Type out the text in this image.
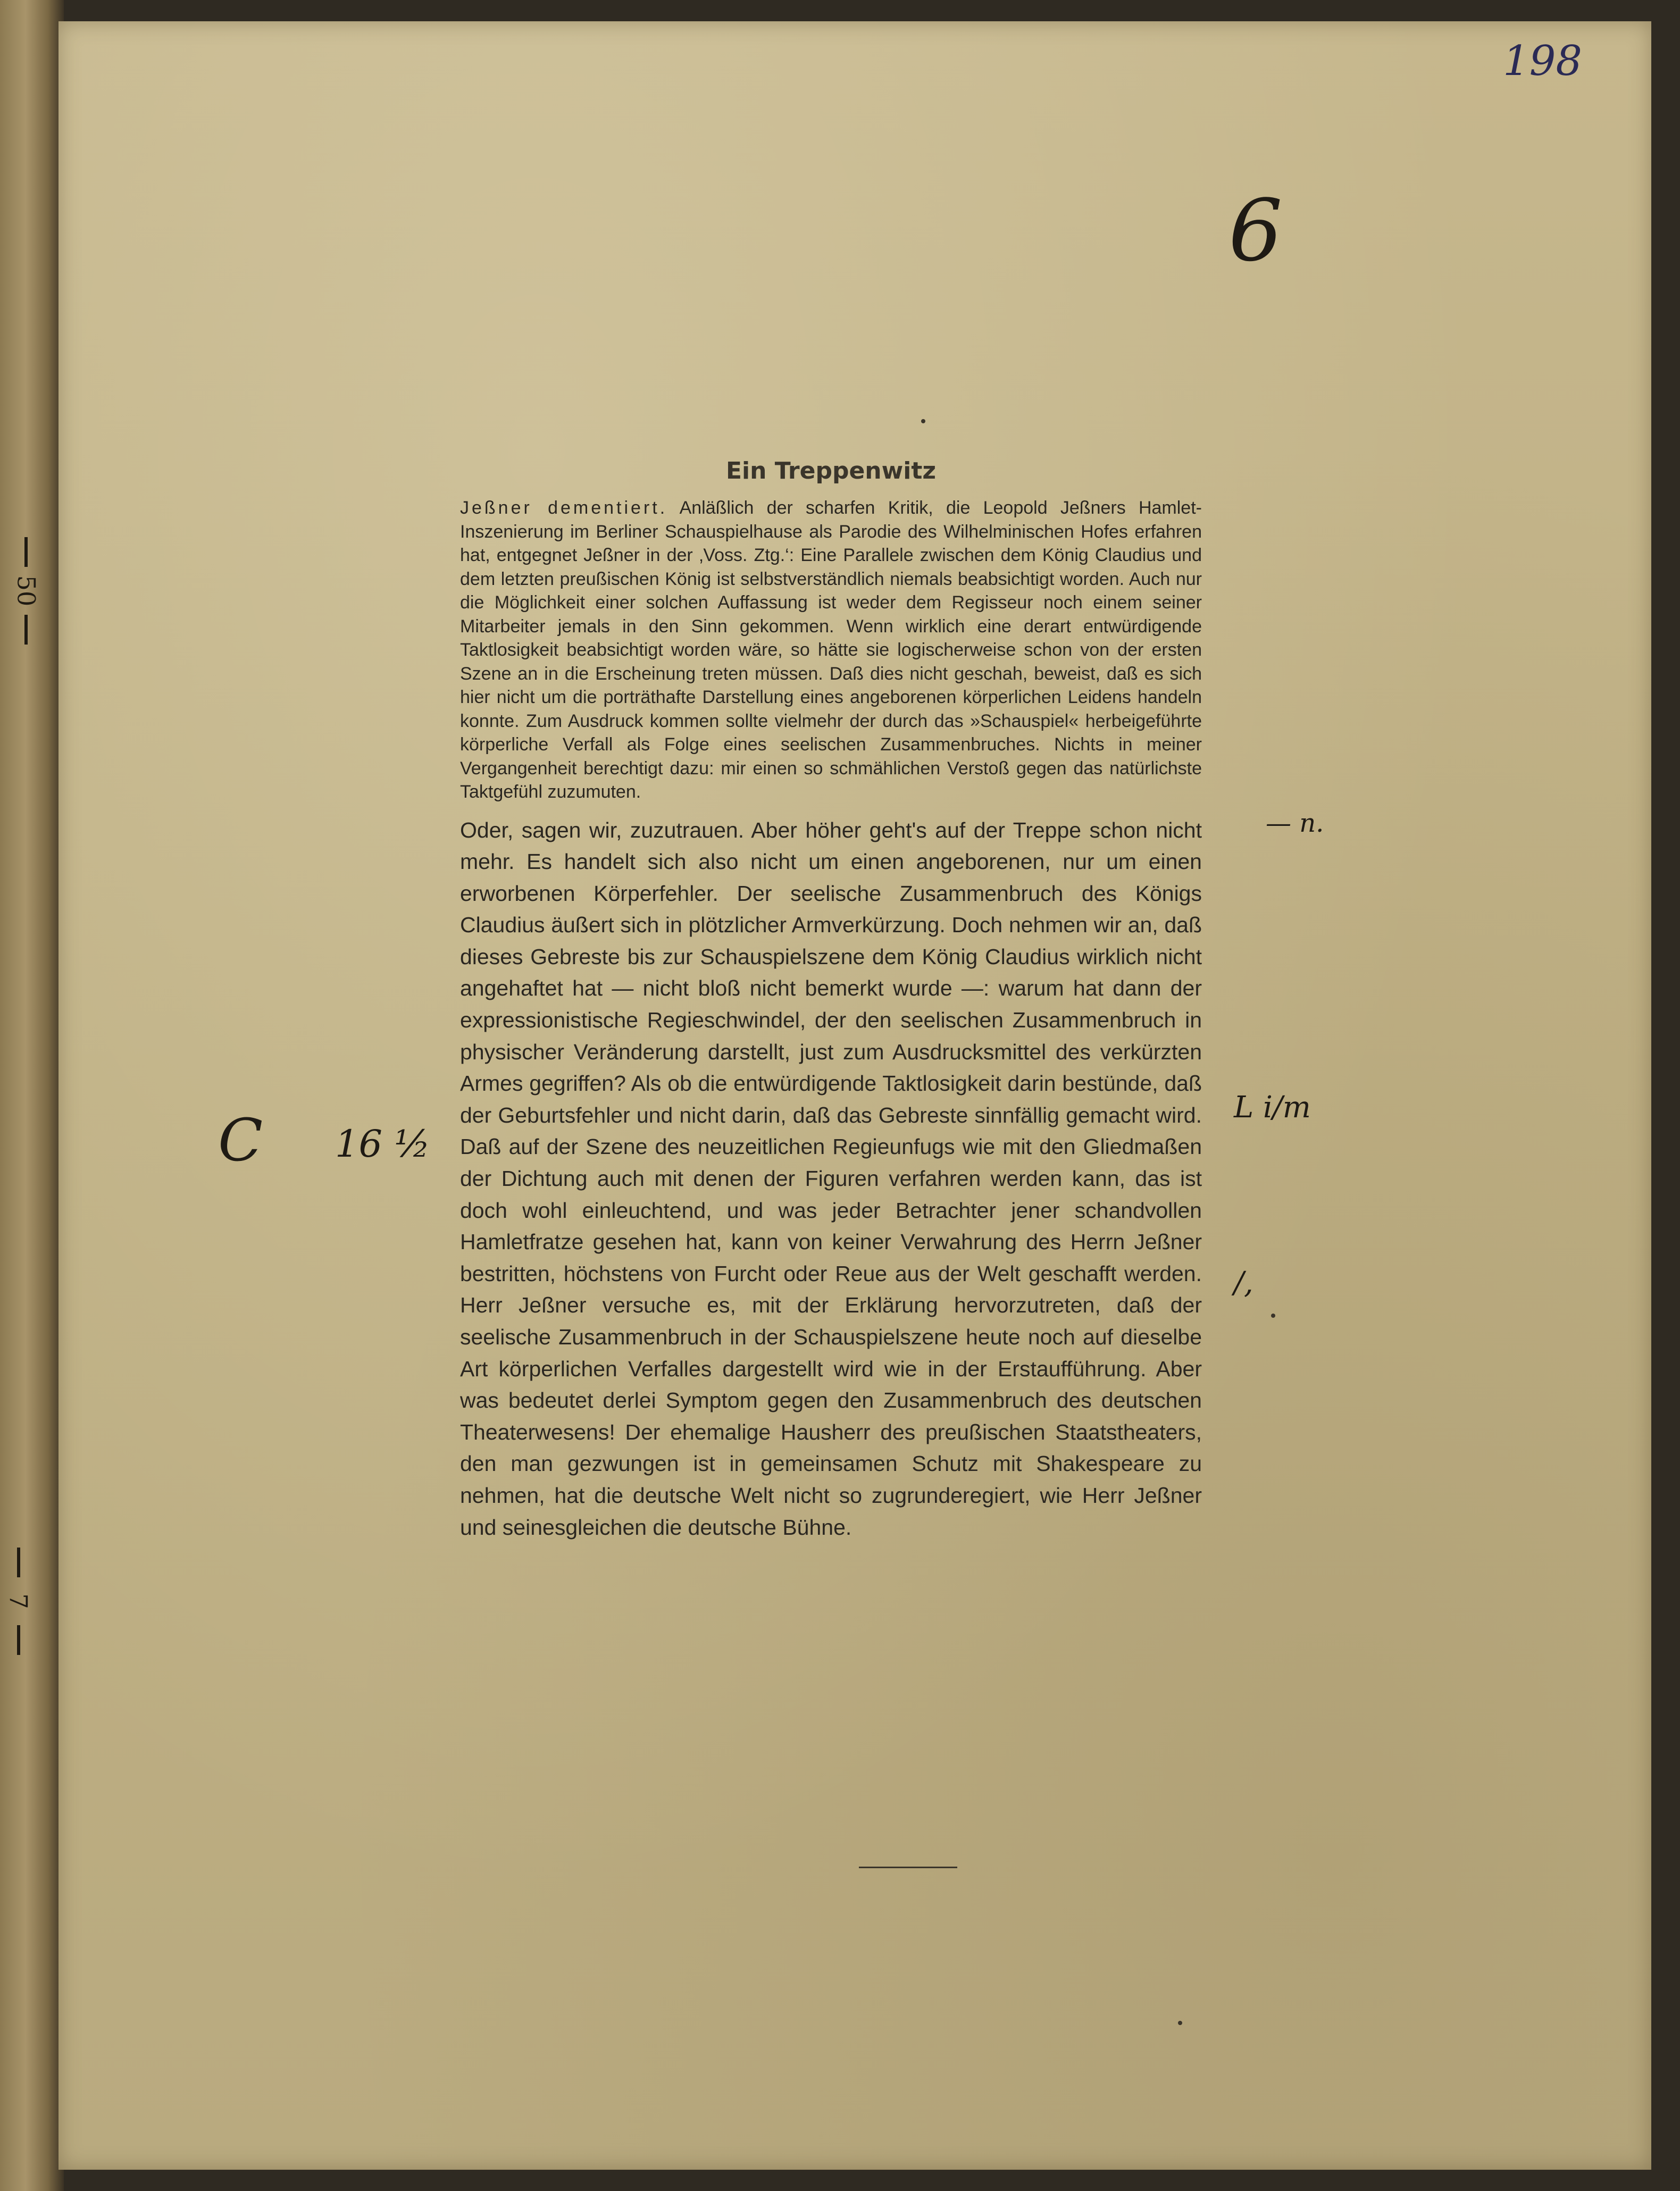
198
6
C 16 ½
— n.
L i/m
/,
50
7
Ein Treppenwitz

Jeßner dementiert. Anläßlich der scharfen Kritik, die Leopold Jeßners Hamlet-Inszenierung im Berliner Schauspielhause als Parodie des Wilhelminischen Hofes erfahren hat, entgegnet Jeßner in der ‚Voss. Ztg.‘: Eine Parallele zwischen dem König Claudius und dem letzten preußischen König ist selbstverständlich niemals beabsichtigt worden. Auch nur die Möglichkeit einer solchen Auffassung ist weder dem Regisseur noch einem seiner Mitarbeiter jemals in den Sinn gekommen. Wenn wirklich eine derart entwürdigende Taktlosigkeit beabsichtigt worden wäre, so hätte sie logischerweise schon von der ersten Szene an in die Erscheinung treten müssen. Daß dies nicht geschah, beweist, daß es sich hier nicht um die porträthafte Darstellung eines angeborenen körperlichen Leidens handeln konnte. Zum Ausdruck kommen sollte vielmehr der durch das »Schauspiel« herbeigeführte körperliche Verfall als Folge eines seelischen Zusammenbruches. Nichts in meiner Vergangenheit berechtigt dazu: mir einen so schmählichen Verstoß gegen das natürlichste Taktgefühl zuzumuten.

Oder, sagen wir, zuzutrauen. Aber höher geht's auf der Treppe schon nicht mehr. Es handelt sich also nicht um einen angeborenen, nur um einen erworbenen Körperfehler. Der seelische Zusammenbruch des Königs Claudius äußert sich in plötzlicher Armverkürzung. Doch nehmen wir an, daß dieses Gebreste bis zur Schauspielszene dem König Claudius wirklich nicht angehaftet hat — nicht bloß nicht bemerkt wurde —: warum hat dann der expressionistische Regieschwindel, der den seelischen Zusammenbruch in physischer Veränderung darstellt, just zum Ausdrucksmittel des verkürzten Armes gegriffen? Als ob die entwürdigende Taktlosigkeit darin bestünde, daß der Geburtsfehler und nicht darin, daß das Gebreste sinnfällig gemacht wird. Daß auf der Szene des neuzeitlichen Regieunfugs wie mit den Gliedmaßen der Dichtung auch mit denen der Figuren verfahren werden kann, das ist doch wohl einleuchtend, und was jeder Betrachter jener schandvollen Hamletfratze gesehen hat, kann von keiner Verwahrung des Herrn Jeßner bestritten, höchstens von Furcht oder Reue aus der Welt geschafft werden. Herr Jeßner versuche es, mit der Erklärung hervorzutreten, daß der seelische Zusammenbruch in der Schauspielszene heute noch auf dieselbe Art körperlichen Verfalles dargestellt wird wie in der Erstaufführung. Aber was bedeutet derlei Symptom gegen den Zusammenbruch des deutschen Theaterwesens! Der ehemalige Hausherr des preußischen Staatstheaters, den man gezwungen ist in gemeinsamen Schutz mit Shakespeare zu nehmen, hat die deutsche Welt nicht so zugrunderegiert, wie Herr Jeßner und seinesgleichen die deutsche Bühne.
